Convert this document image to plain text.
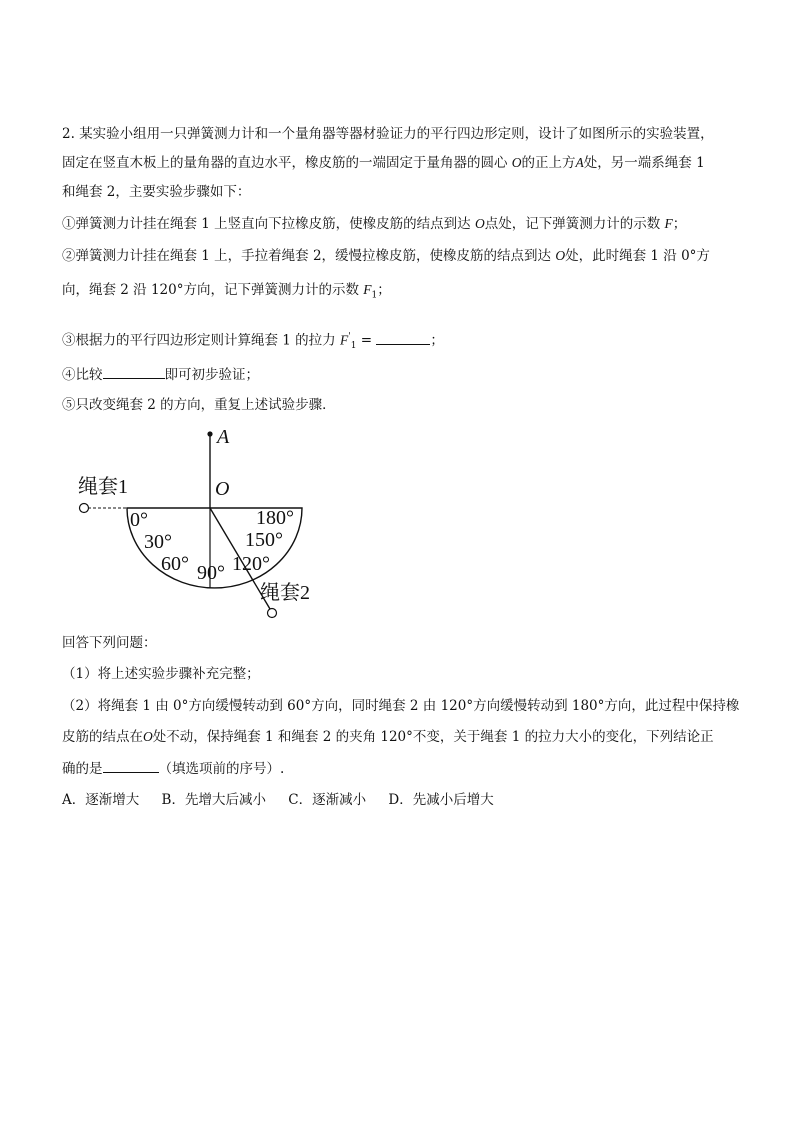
2. 某实验小组用一只弹簧测力计和一个量角器等器材验证力的平行四边形定则，设计了如图所示的实验装置，
固定在竖直木板上的量角器的直边水平，橡皮筋的一端固定于量角器的圆心 O的正上方A处，另一端系绳套 1
和绳套 2，主要实验步骤如下：
①弹簧测力计挂在绳套 1 上竖直向下拉橡皮筋，使橡皮筋的结点到达 O点处，记下弹簧测力计的示数 F；
②弹簧测力计挂在绳套 1 上，手拉着绳套 2，缓慢拉橡皮筋，使橡皮筋的结点到达 O处，此时绳套 1 沿 0°方
向，绳套 2 沿 120°方向，记下弹簧测力计的示数 $F_1$；
③根据力的平行四边形定则计算绳套 1 的拉力 $F'_1$ =	；
④比较	即可初步验证；
⑤只改变绳套 2 的方向，重复上述试验步骤．
A
O
绳套1
绳套2
0°
30°
60° 90° 120°
150°
180°
回答下列问题：
（1）将上述实验步骤补充完整；
（2）将绳套 1 由 0°方向缓慢转动到 60°方向，同时绳套 2 由 120°方向缓慢转动到 180°方向，此过程中保持橡
皮筋的结点在O处不动，保持绳套 1 和绳套 2 的夹角 120°不变，关于绳套 1 的拉力大小的变化，下列结论正
确的是	（填选项前的序号）.
A．逐渐增大 B．先增大后减小 C．逐渐减小 D．先减小后增大
